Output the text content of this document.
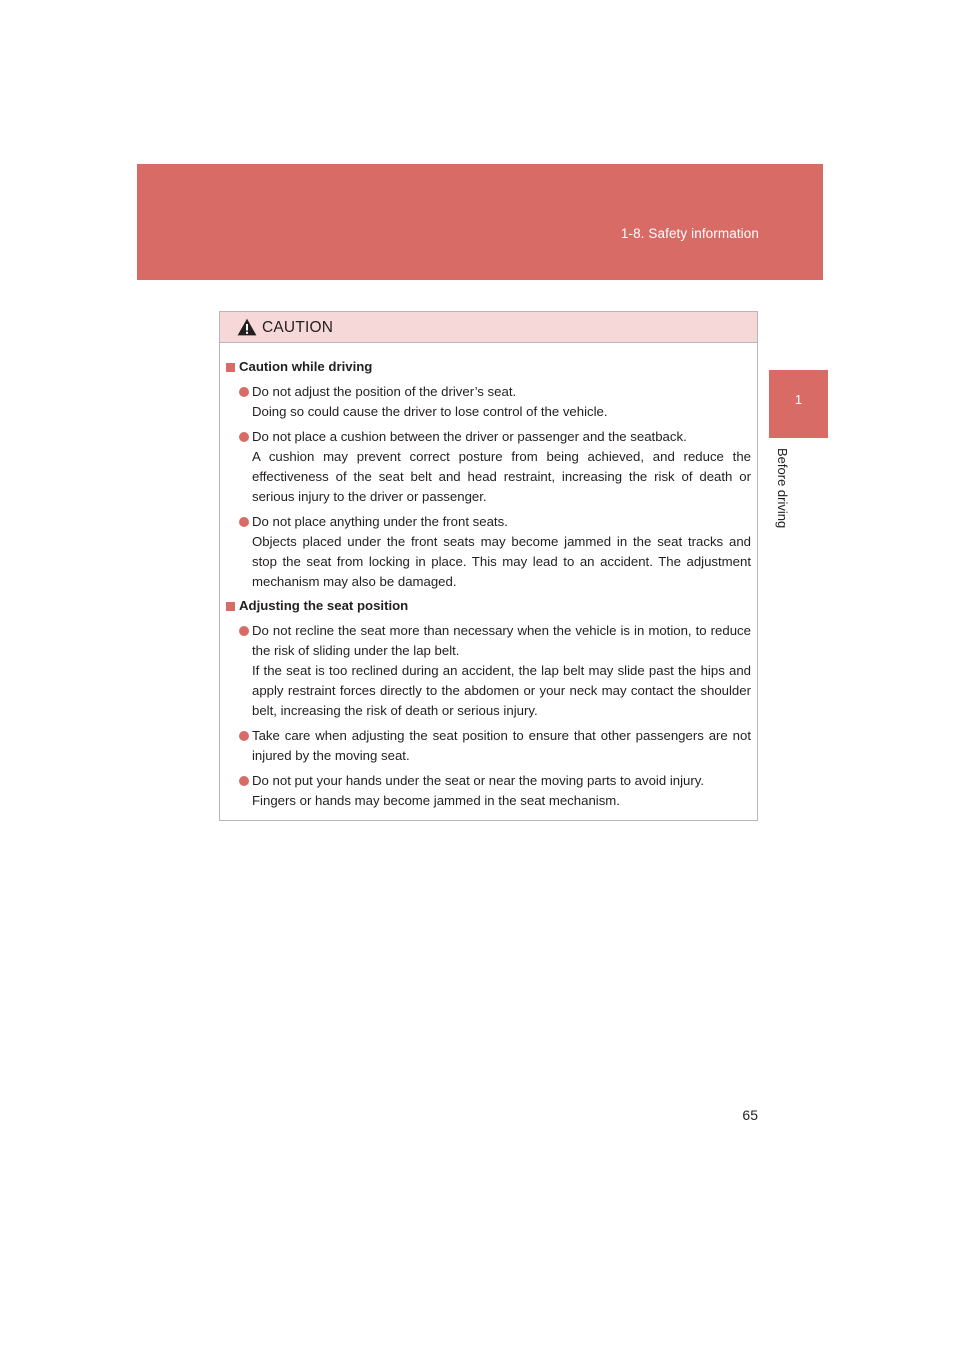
1-8. Safety information
1
Before driving
CAUTION
Caution while driving

Do not adjust the position of the driver’s seat.

Doing so could cause the driver to lose control of the vehicle.

Do not place a cushion between the driver or passenger and the seatback.

A cushion may prevent correct posture from being achieved, and reduce the effectiveness of the seat belt and head restraint, increasing the risk of death or serious injury to the driver or passenger.

Do not place anything under the front seats.

Objects placed under the front seats may become jammed in the seat tracks and stop the seat from locking in place. This may lead to an accident. The adjustment mechanism may also be damaged.

Adjusting the seat position

Do not recline the seat more than necessary when the vehicle is in motion, to reduce the risk of sliding under the lap belt.

If the seat is too reclined during an accident, the lap belt may slide past the hips and apply restraint forces directly to the abdomen or your neck may contact the shoulder belt, increasing the risk of death or serious injury.

Take care when adjusting the seat position to ensure that other passengers are not injured by the moving seat.

Do not put your hands under the seat or near the moving parts to avoid injury.

Fingers or hands may become jammed in the seat mechanism.

65
